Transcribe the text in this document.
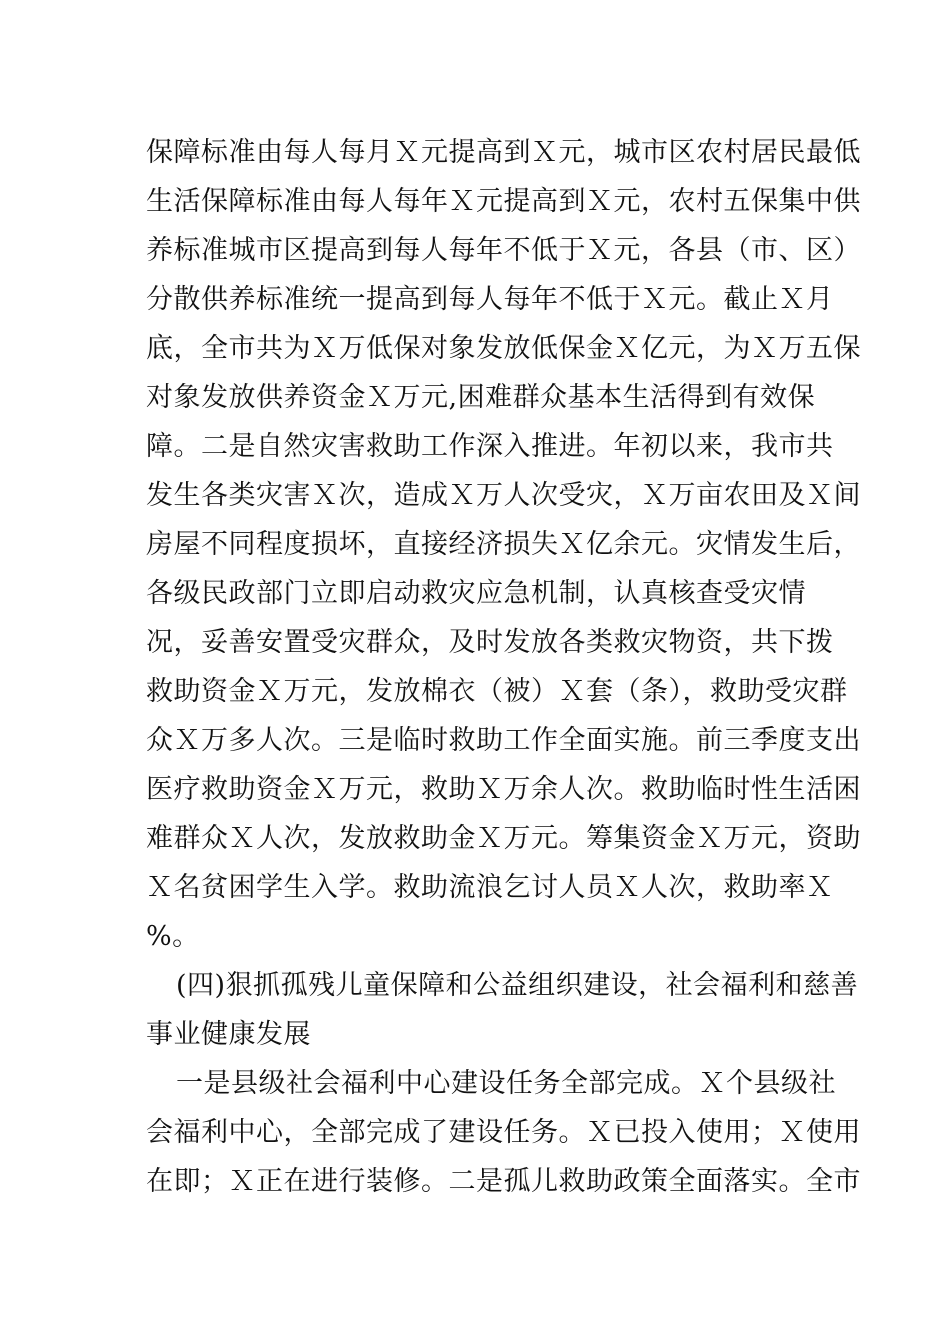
保障标准由每人每月Ｘ元提高到Ｘ元，城市区农村居民最低
生活保障标准由每人每年Ｘ元提高到Ｘ元，农村五保集中供
养标准城市区提高到每人每年不低于Ｘ元，各县（市、区）
分散供养标准统一提高到每人每年不低于Ｘ元。截止Ｘ月
底，全市共为Ｘ万低保对象发放低保金Ｘ亿元，为Ｘ万五保
对象发放供养资金Ｘ万元,困难群众基本生活得到有效保
障。二是自然灾害救助工作深入推进。年初以来，我市共
发生各类灾害Ｘ次，造成Ｘ万人次受灾，Ｘ万亩农田及Ｘ间
房屋不同程度损坏，直接经济损失Ｘ亿余元。灾情发生后，
各级民政部门立即启动救灾应急机制，认真核查受灾情
况，妥善安置受灾群众，及时发放各类救灾物资，共下拨
救助资金Ｘ万元，发放棉衣（被）Ｘ套（条），救助受灾群
众Ｘ万多人次。三是临时救助工作全面实施。前三季度支出
医疗救助资金Ｘ万元，救助Ｘ万余人次。救助临时性生活困
难群众Ｘ人次，发放救助金Ｘ万元。筹集资金Ｘ万元，资助
Ｘ名贫困学生入学。救助流浪乞讨人员Ｘ人次，救助率Ｘ
%。
(四)狠抓孤残儿童保障和公益组织建设，社会福利和慈善
事业健康发展
一是县级社会福利中心建设任务全部完成。Ｘ个县级社
会福利中心，全部完成了建设任务。Ｘ已投入使用；Ｘ使用
在即；Ｘ正在进行装修。二是孤儿救助政策全面落实。全市
